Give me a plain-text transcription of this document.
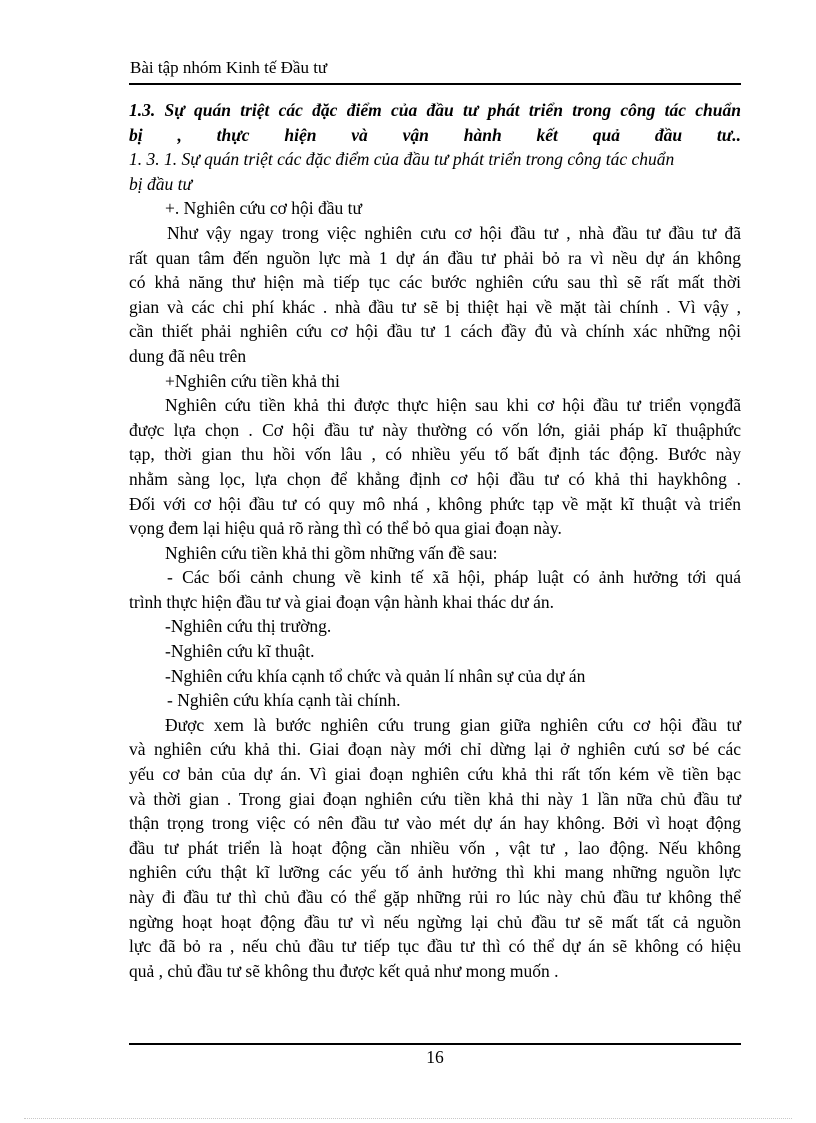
Bài tập nhóm Kinh tế Đầu tư
1.3. Sự quán triệt các đặc điểm của đầu tư phát triển trong công tác chuẩn
bị , thực hiện và vận hành kết quả đầu tư..
1. 3. 1. Sự quán triệt các đặc điểm của đầu tư phát triển trong công tác chuẩn
bị đầu tư
+. Nghiên cứu cơ hội đầu tư
Như vậy ngay trong việc nghiên cưu cơ hội đầu tư , nhà đầu tư đầu tư đã
rất quan tâm đến nguồn lực mà 1 dự án đầu tư phải bỏ ra vì nều dự án không
có khả năng thư hiện mà tiếp tục các bước nghiên cứu sau thì sẽ rất mất thời
gian và các chi phí khác . nhà đầu tư sẽ bị thiệt hại về mặt tài chính . Vì vậy ,
cần thiết phải nghiên cứu cơ hội đầu tư 1 cách đầy đủ và chính xác những nội
dung đã nêu trên
+Nghiên cứu tiền khả thi
Nghiên cứu tiền khả thi được thực hiện sau khi cơ hội đầu tư triển vọngđã
được lựa chọn . Cơ hội đầu tư này thường có vốn lớn, giải pháp kĩ thuậphức
tạp, thời gian thu hồi vốn lâu , có nhiều yếu tố bất định tác động. Bước này
nhằm sàng lọc, lựa chọn để khẳng định cơ hội đầu tư có khả thi haykhông .
Đối với cơ hội đầu tư có quy mô nhá , không phức tạp về mặt kĩ thuật và triển
vọng đem lại hiệu quả rõ ràng thì có thể bỏ qua giai đoạn này.
Nghiên cứu tiền khả thi gồm những vấn đề sau:
- Các bối cảnh chung về kinh tế xã hội, pháp luật có ảnh hưởng tới quá
trình thực hiện đầu tư và giai đoạn vận hành khai thác dư án.
-Nghiên cứu thị trường.
-Nghiên cứu kĩ thuật.
-Nghiên cứu khía cạnh tổ chức và quản lí nhân sự của dự án
- Nghiên cứu khía cạnh tài chính.
Được xem là bước nghiên cứu trung gian giữa nghiên cứu cơ hội đầu tư
và nghiên cứu khả thi. Giai đoạn này mới chỉ dừng lại ở nghiên cưú sơ bé các
yếu cơ bản của dự án. Vì giai đoạn nghiên cứu khả thi rất tốn kém về tiền bạc
và thời gian . Trong giai đoạn nghiên cứu tiền khả thi này 1 lần nữa chủ đầu tư
thận trọng trong việc có nên đầu tư vào mét dự án hay không. Bởi vì hoạt động
đầu tư phát triển là hoạt động cần nhiều vốn , vật tư , lao động. Nếu không
nghiên cứu thật kĩ lưỡng các yếu tố ảnh hưởng thì khi mang những nguồn lực
này đi đầu tư thì chủ đầu có thể gặp những rủi ro lúc này chủ đầu tư không thể
ngừng hoạt hoạt động đầu tư vì nếu ngừng lại chủ đầu tư sẽ mất tất cả nguồn
lực đã bỏ ra , nếu chủ đầu tư tiếp tục đầu tư thì có thể dự án sẽ không có hiệu
quả , chủ đầu tư sẽ không thu được kết quả như mong muốn .
16
